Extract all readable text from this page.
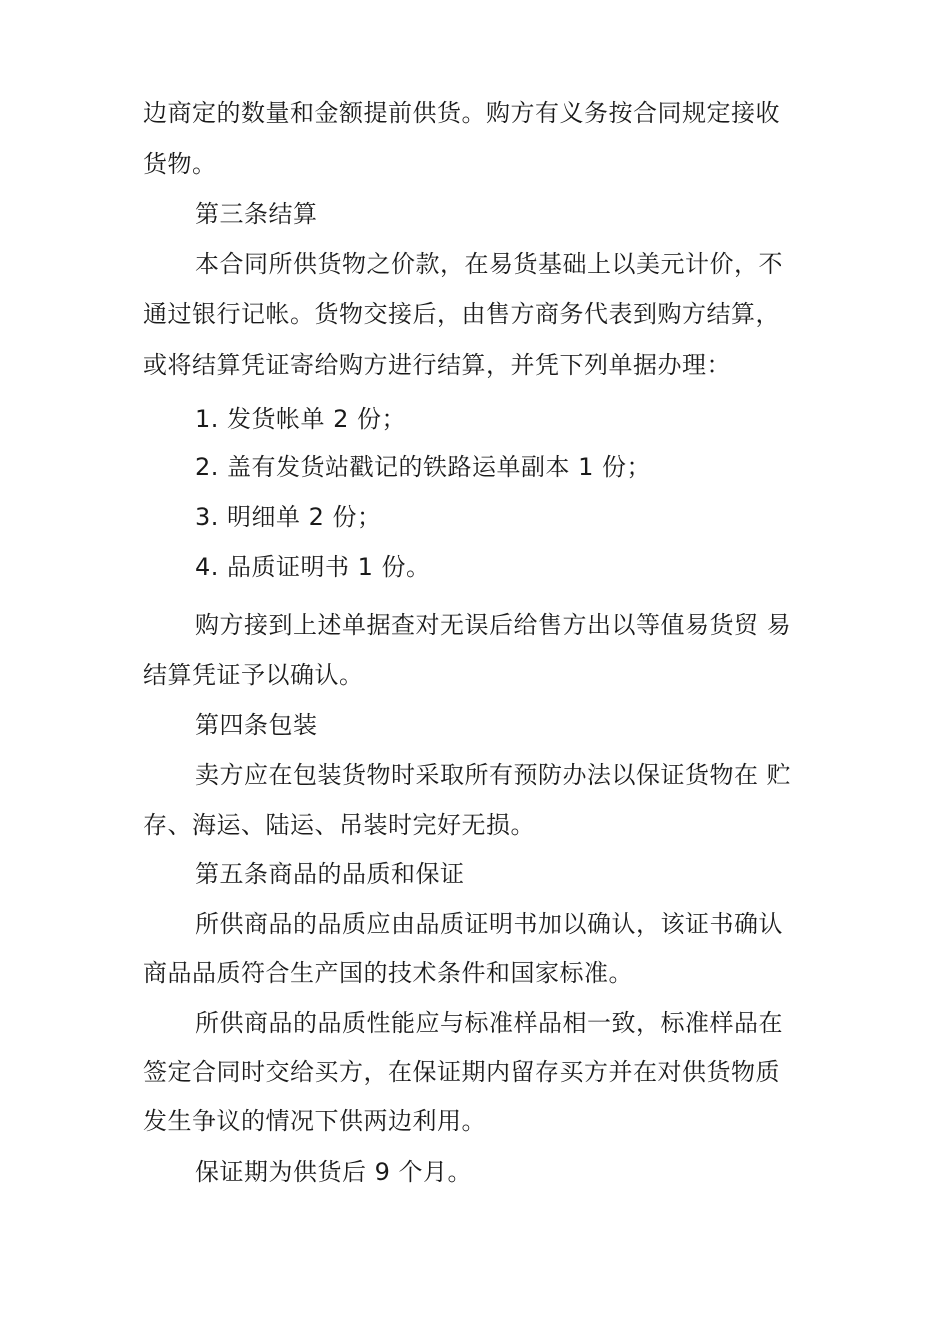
边商定的数量和金额提前供货。购方有义务按合同规定接收

货物。

第三条结算

本合同所供货物之价款，在易货基础上以美元计价，不

通过银行记帐。货物交接后，由售方商务代表到购方结算，

或将结算凭证寄给购方进行结算，并凭下列单据办理：

1. 发货帐单 2 份；

2. 盖有发货站戳记的铁路运单副本 1 份；

3. 明细单 2 份；

4. 品质证明书 1 份。

购方接到上述单据查对无误后给售方出以等值易货贸 易

结算凭证予以确认。

第四条包装

卖方应在包装货物时采取所有预防办法以保证货物在 贮

存、海运、陆运、吊装时完好无损。

第五条商品的品质和保证

所供商品的品质应由品质证明书加以确认，该证书确认

商品品质符合生产国的技术条件和国家标准。

所供商品的品质性能应与标准样品相一致，标准样品在

签定合同时交给买方，在保证期内留存买方并在对供货物质

发生争议的情况下供两边利用。

保证期为供货后 9 个月。
